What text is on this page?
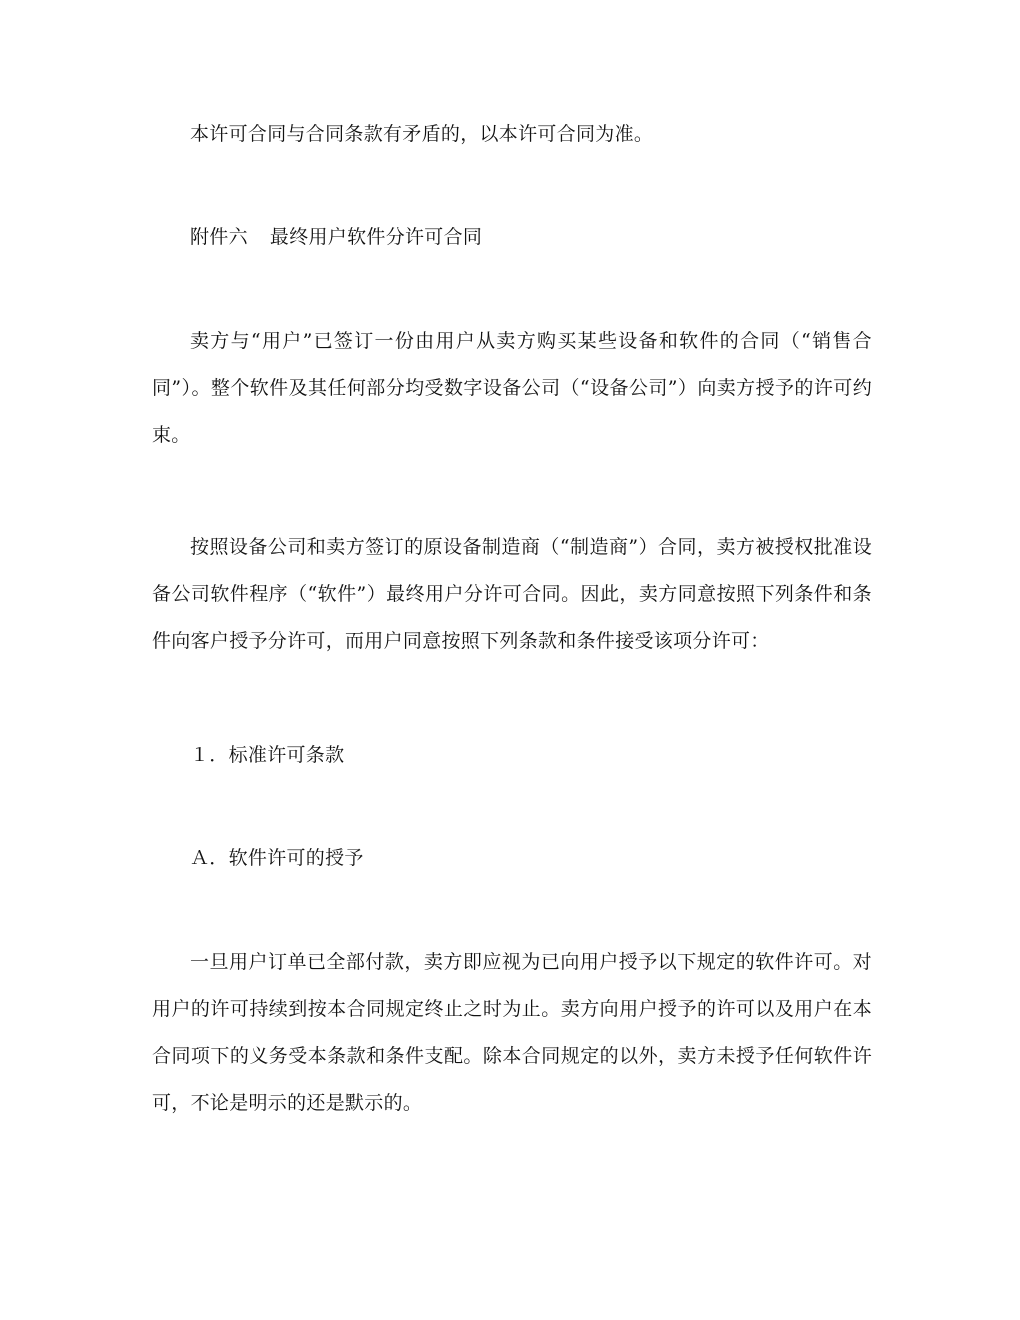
本许可合同与合同条款有矛盾的，以本许可合同为准。

附件六 最终用户软件分许可合同

卖方与“用户”已签订一份由用户从卖方购买某些设备和软件的合同（“销售合同”）。整个软件及其任何部分均受数字设备公司（“设备公司”）向卖方授予的许可约束。

按照设备公司和卖方签订的原设备制造商（“制造商”）合同，卖方被授权批准设备公司软件程序（“软件”）最终用户分许可合同。因此，卖方同意按照下列条件和条件向客户授予分许可，而用户同意按照下列条款和条件接受该项分许可：

１．标准许可条款

Ａ．软件许可的授予

一旦用户订单已全部付款，卖方即应视为已向用户授予以下规定的软件许可。对用户的许可持续到按本合同规定终止之时为止。卖方向用户授予的许可以及用户在本合同项下的义务受本条款和条件支配。除本合同规定的以外，卖方未授予任何软件许可，不论是明示的还是默示的。
